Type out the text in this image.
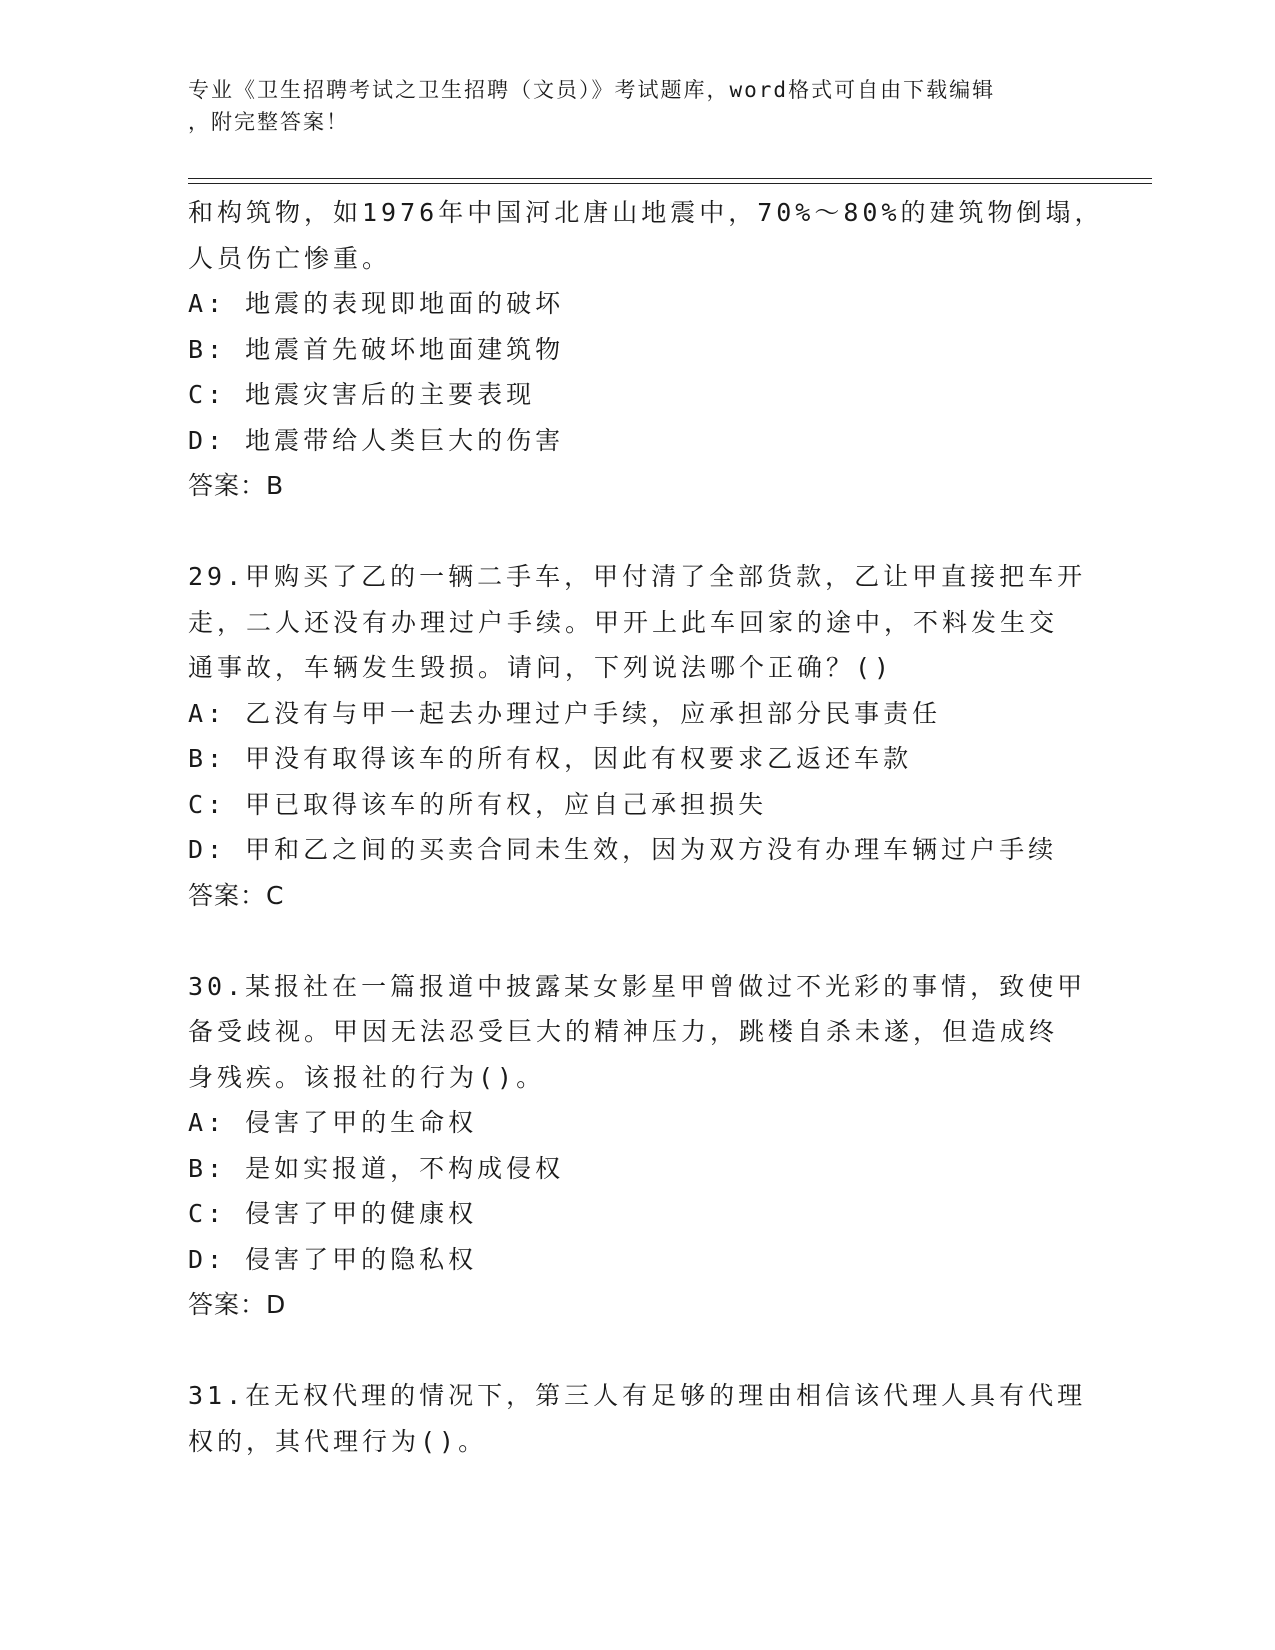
专业《卫生招聘考试之卫生招聘（文员）》考试题库，word格式可自由下载编辑
，附完整答案！
和构筑物，如1976年中国河北唐山地震中，70%～80%的建筑物倒塌，
人员伤亡惨重。
A: 地震的表现即地面的破坏
B: 地震首先破坏地面建筑物
C: 地震灾害后的主要表现
D: 地震带给人类巨大的伤害
答案：B
29.甲购买了乙的一辆二手车，甲付清了全部货款，乙让甲直接把车开
走，二人还没有办理过户手续。甲开上此车回家的途中，不料发生交
通事故，车辆发生毁损。请问，下列说法哪个正确？()
A: 乙没有与甲一起去办理过户手续，应承担部分民事责任
B: 甲没有取得该车的所有权，因此有权要求乙返还车款
C: 甲已取得该车的所有权，应自己承担损失
D: 甲和乙之间的买卖合同未生效，因为双方没有办理车辆过户手续
答案：C
30.某报社在一篇报道中披露某女影星甲曾做过不光彩的事情，致使甲
备受歧视。甲因无法忍受巨大的精神压力，跳楼自杀未遂，但造成终
身残疾。该报社的行为()。
A: 侵害了甲的生命权
B: 是如实报道，不构成侵权
C: 侵害了甲的健康权
D: 侵害了甲的隐私权
答案：D
31.在无权代理的情况下，第三人有足够的理由相信该代理人具有代理
权的，其代理行为()。
